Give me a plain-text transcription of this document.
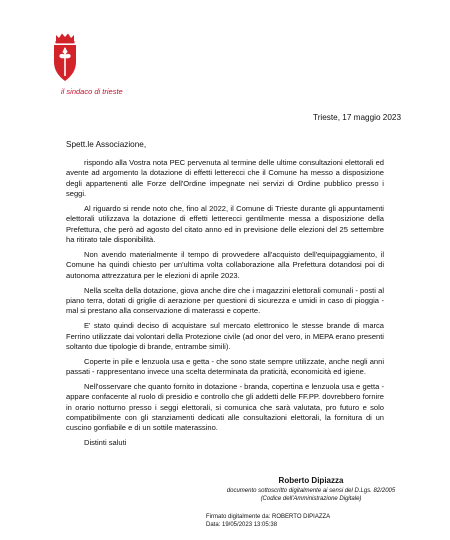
il sindaco di trieste
Trieste, 17 maggio 2023
Spett.le Associazione,

rispondo alla Vostra nota PEC pervenuta al termine delle ultime consultazioni elettorali ed avente ad argomento la dotazione di effetti letterecci che il Comune ha messo a disposizione degli appartenenti alle Forze dell'Ordine impegnate nei servizi di Ordine pubblico presso i seggi.

Al riguardo si rende noto che, fino al 2022, il Comune di Trieste durante gli appuntamenti elettorali utilizzava la dotazione di effetti letterecci gentilmente messa a disposizione della Prefettura, che però ad agosto del citato anno ed in previsione delle elezioni del 25 settembre ha ritirato tale disponibilità.

Non avendo materialmente il tempo di provvedere all'acquisto dell'equipaggiamento, il Comune ha quindi chiesto per un'ultima volta collaborazione alla Prefettura dotandosi poi di autonoma attrezzatura per le elezioni di aprile 2023.

Nella scelta della dotazione, giova anche dire che i magazzini elettorali comunali - posti al piano terra, dotati di griglie di aerazione per questioni di sicurezza e umidi in caso di pioggia - mal si prestano alla conservazione di materassi e coperte.

E' stato quindi deciso di acquistare sul mercato elettronico le stesse brande di marca Ferrino utilizzate dai volontari della Protezione civile (ad onor del vero, in MEPA erano presenti soltanto due tipologie di brande, entrambe simili).

Coperte in pile e lenzuola usa e getta - che sono state sempre utilizzate, anche negli anni passati - rappresentano invece una scelta determinata da praticità, economicità ed igiene.

Nell'osservare che quanto fornito in dotazione - branda, copertina e lenzuola usa e getta - appare confacente al ruolo di presidio e controllo che gli addetti delle FF.PP. dovrebbero fornire in orario notturno presso i seggi elettorali, si comunica che sarà valutata, pro futuro e solo compatibilmente con gli stanziamenti dedicati alle consultazioni elettorali, la fornitura di un cuscino gonfiabile e di un sottile materassino.

Distinti saluti

Roberto Dipiazza
documento sottoscritto digitalmente ai sensi del D.Lgs. 82/2005
(Codice dell'Amministrazione Digitale)
Firmato digitalmente da: ROBERTO DIPIAZZA
Data: 19/05/2023 13:05:38
